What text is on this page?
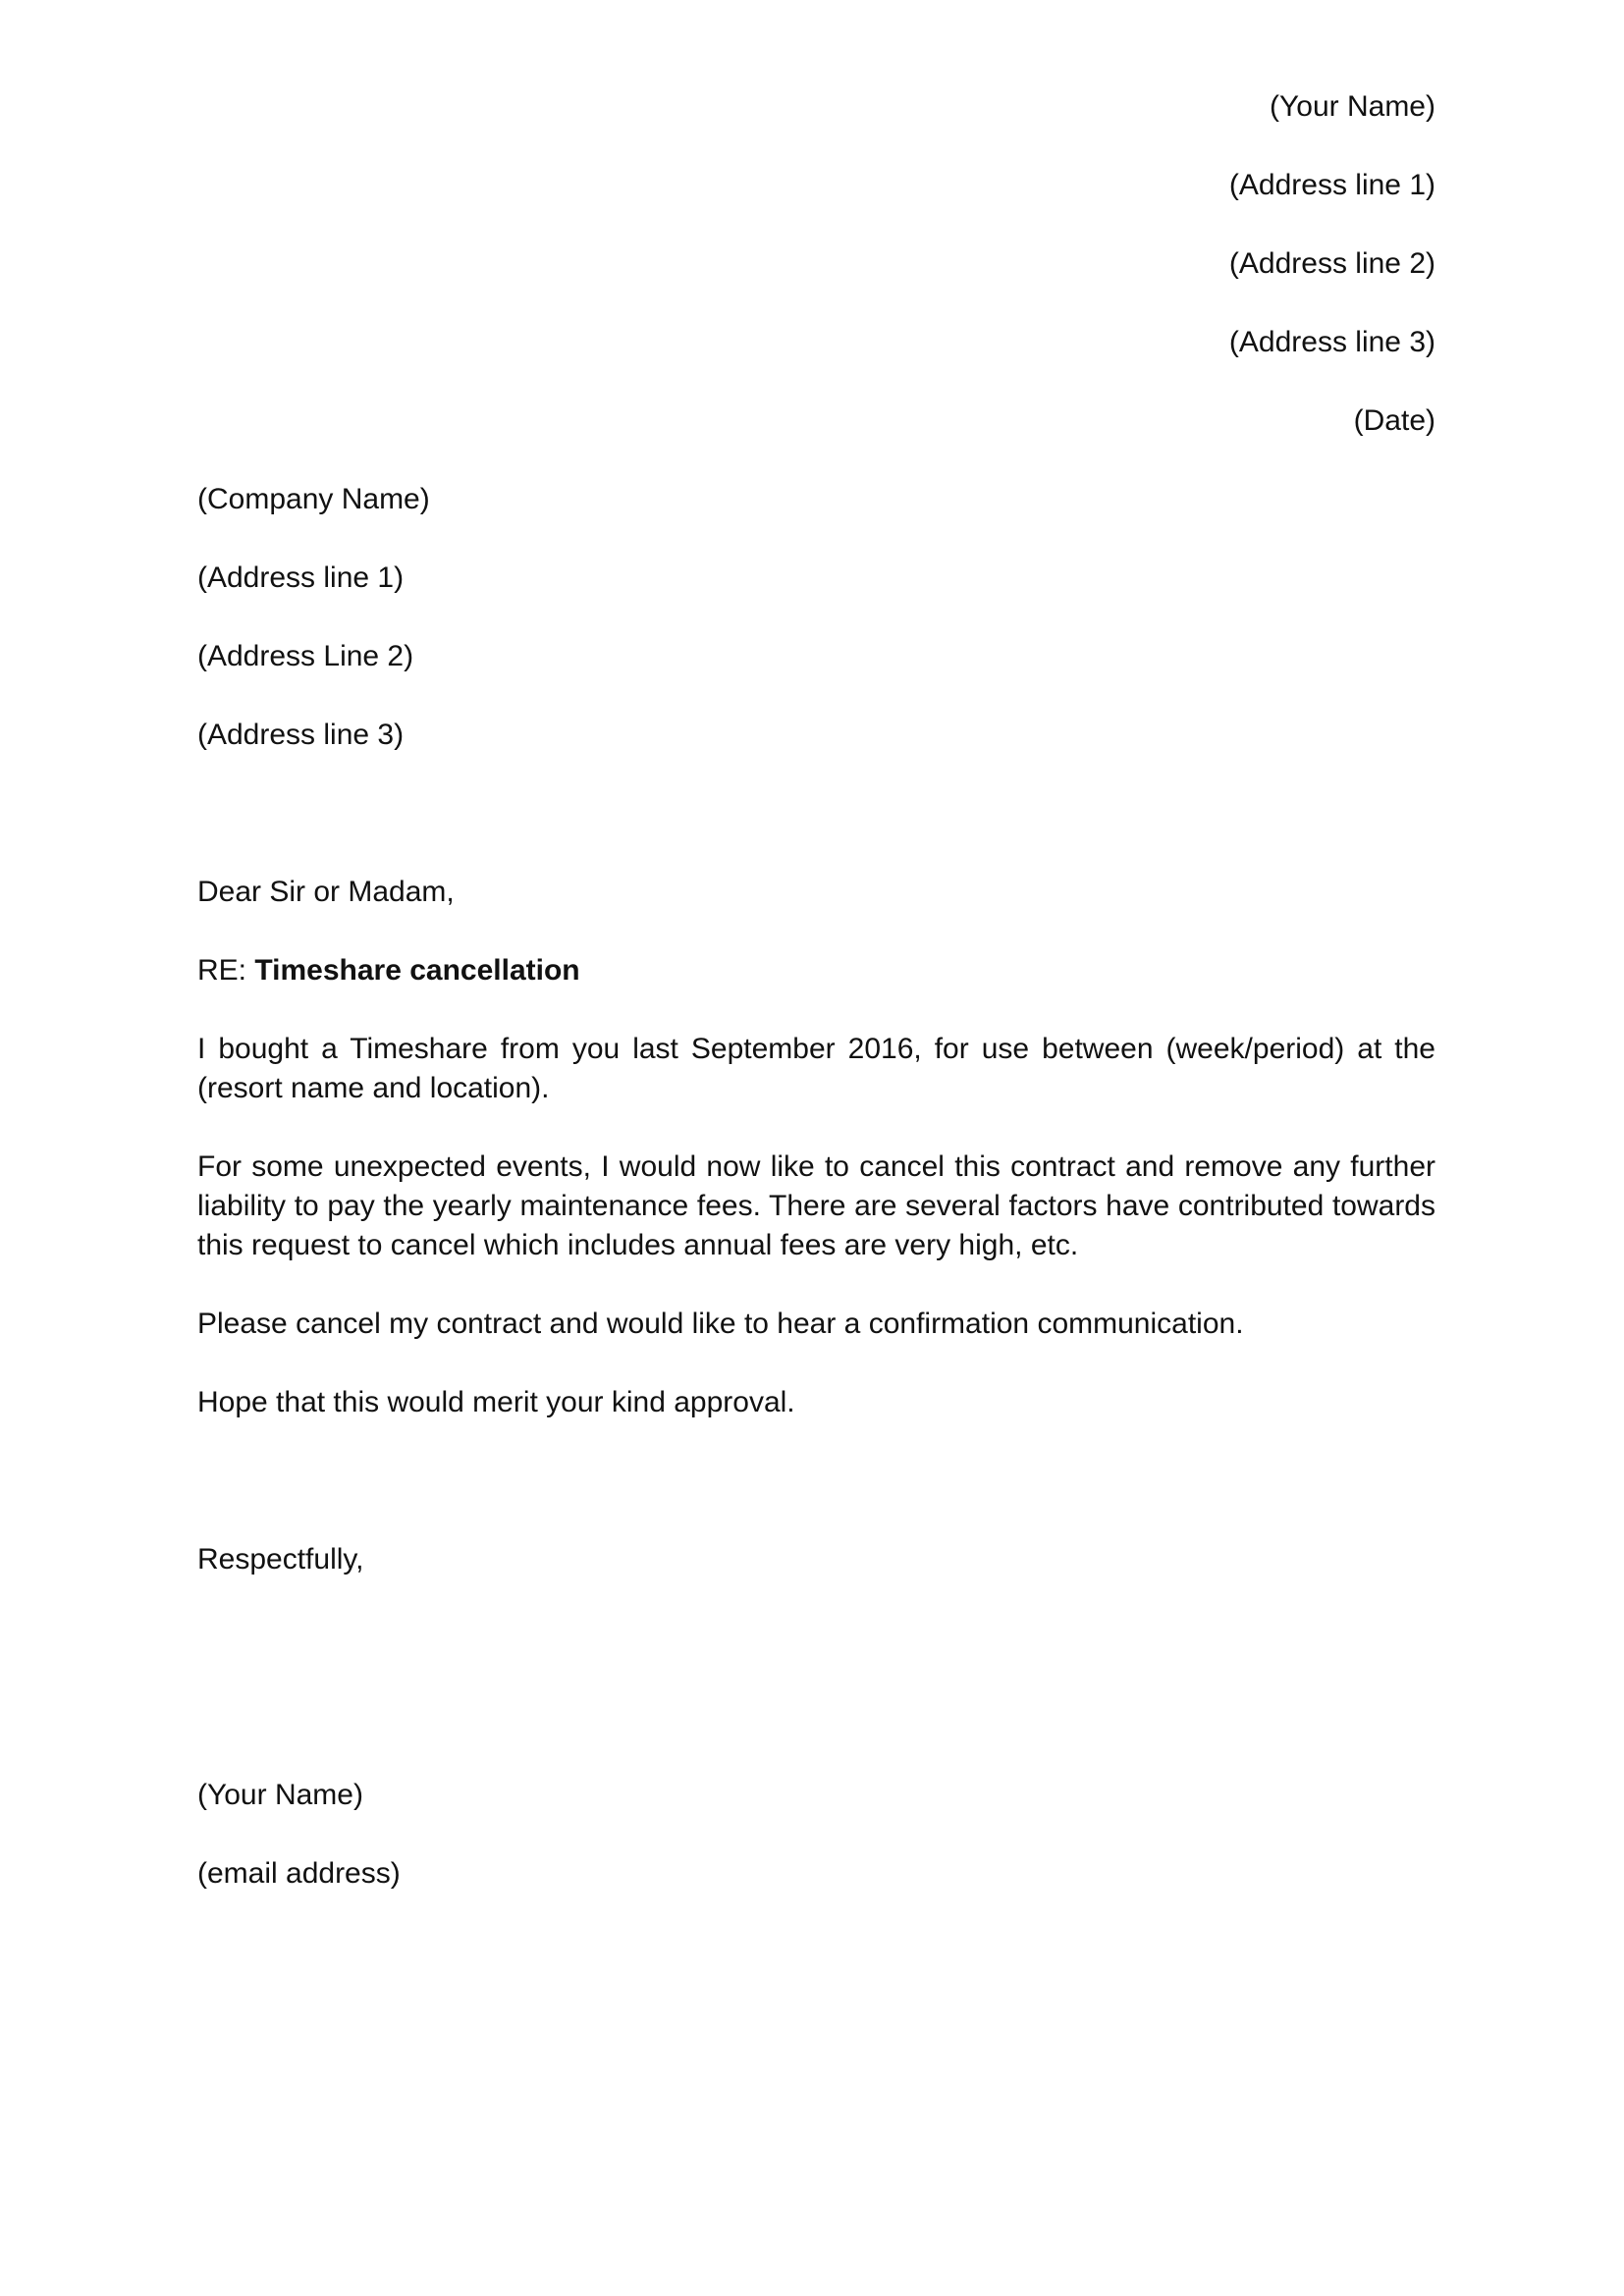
(Your Name)

(Address line 1)

(Address line 2)

(Address line 3)

(Date)

(Company Name)

(Address line 1)

(Address Line 2)

(Address line 3)

Dear Sir or Madam,

RE: Timeshare cancellation

I bought a Timeshare from you last September 2016, for use between (week/period) at the (resort name and location).

For some unexpected events, I would now like to cancel this contract and remove any further liability to pay the yearly maintenance fees. There are several factors have contributed towards this request to cancel which includes annual fees are very high, etc.

Please cancel my contract and would like to hear a confirmation communication.

Hope that this would merit your kind approval.

Respectfully,

(Your Name)

(email address)
